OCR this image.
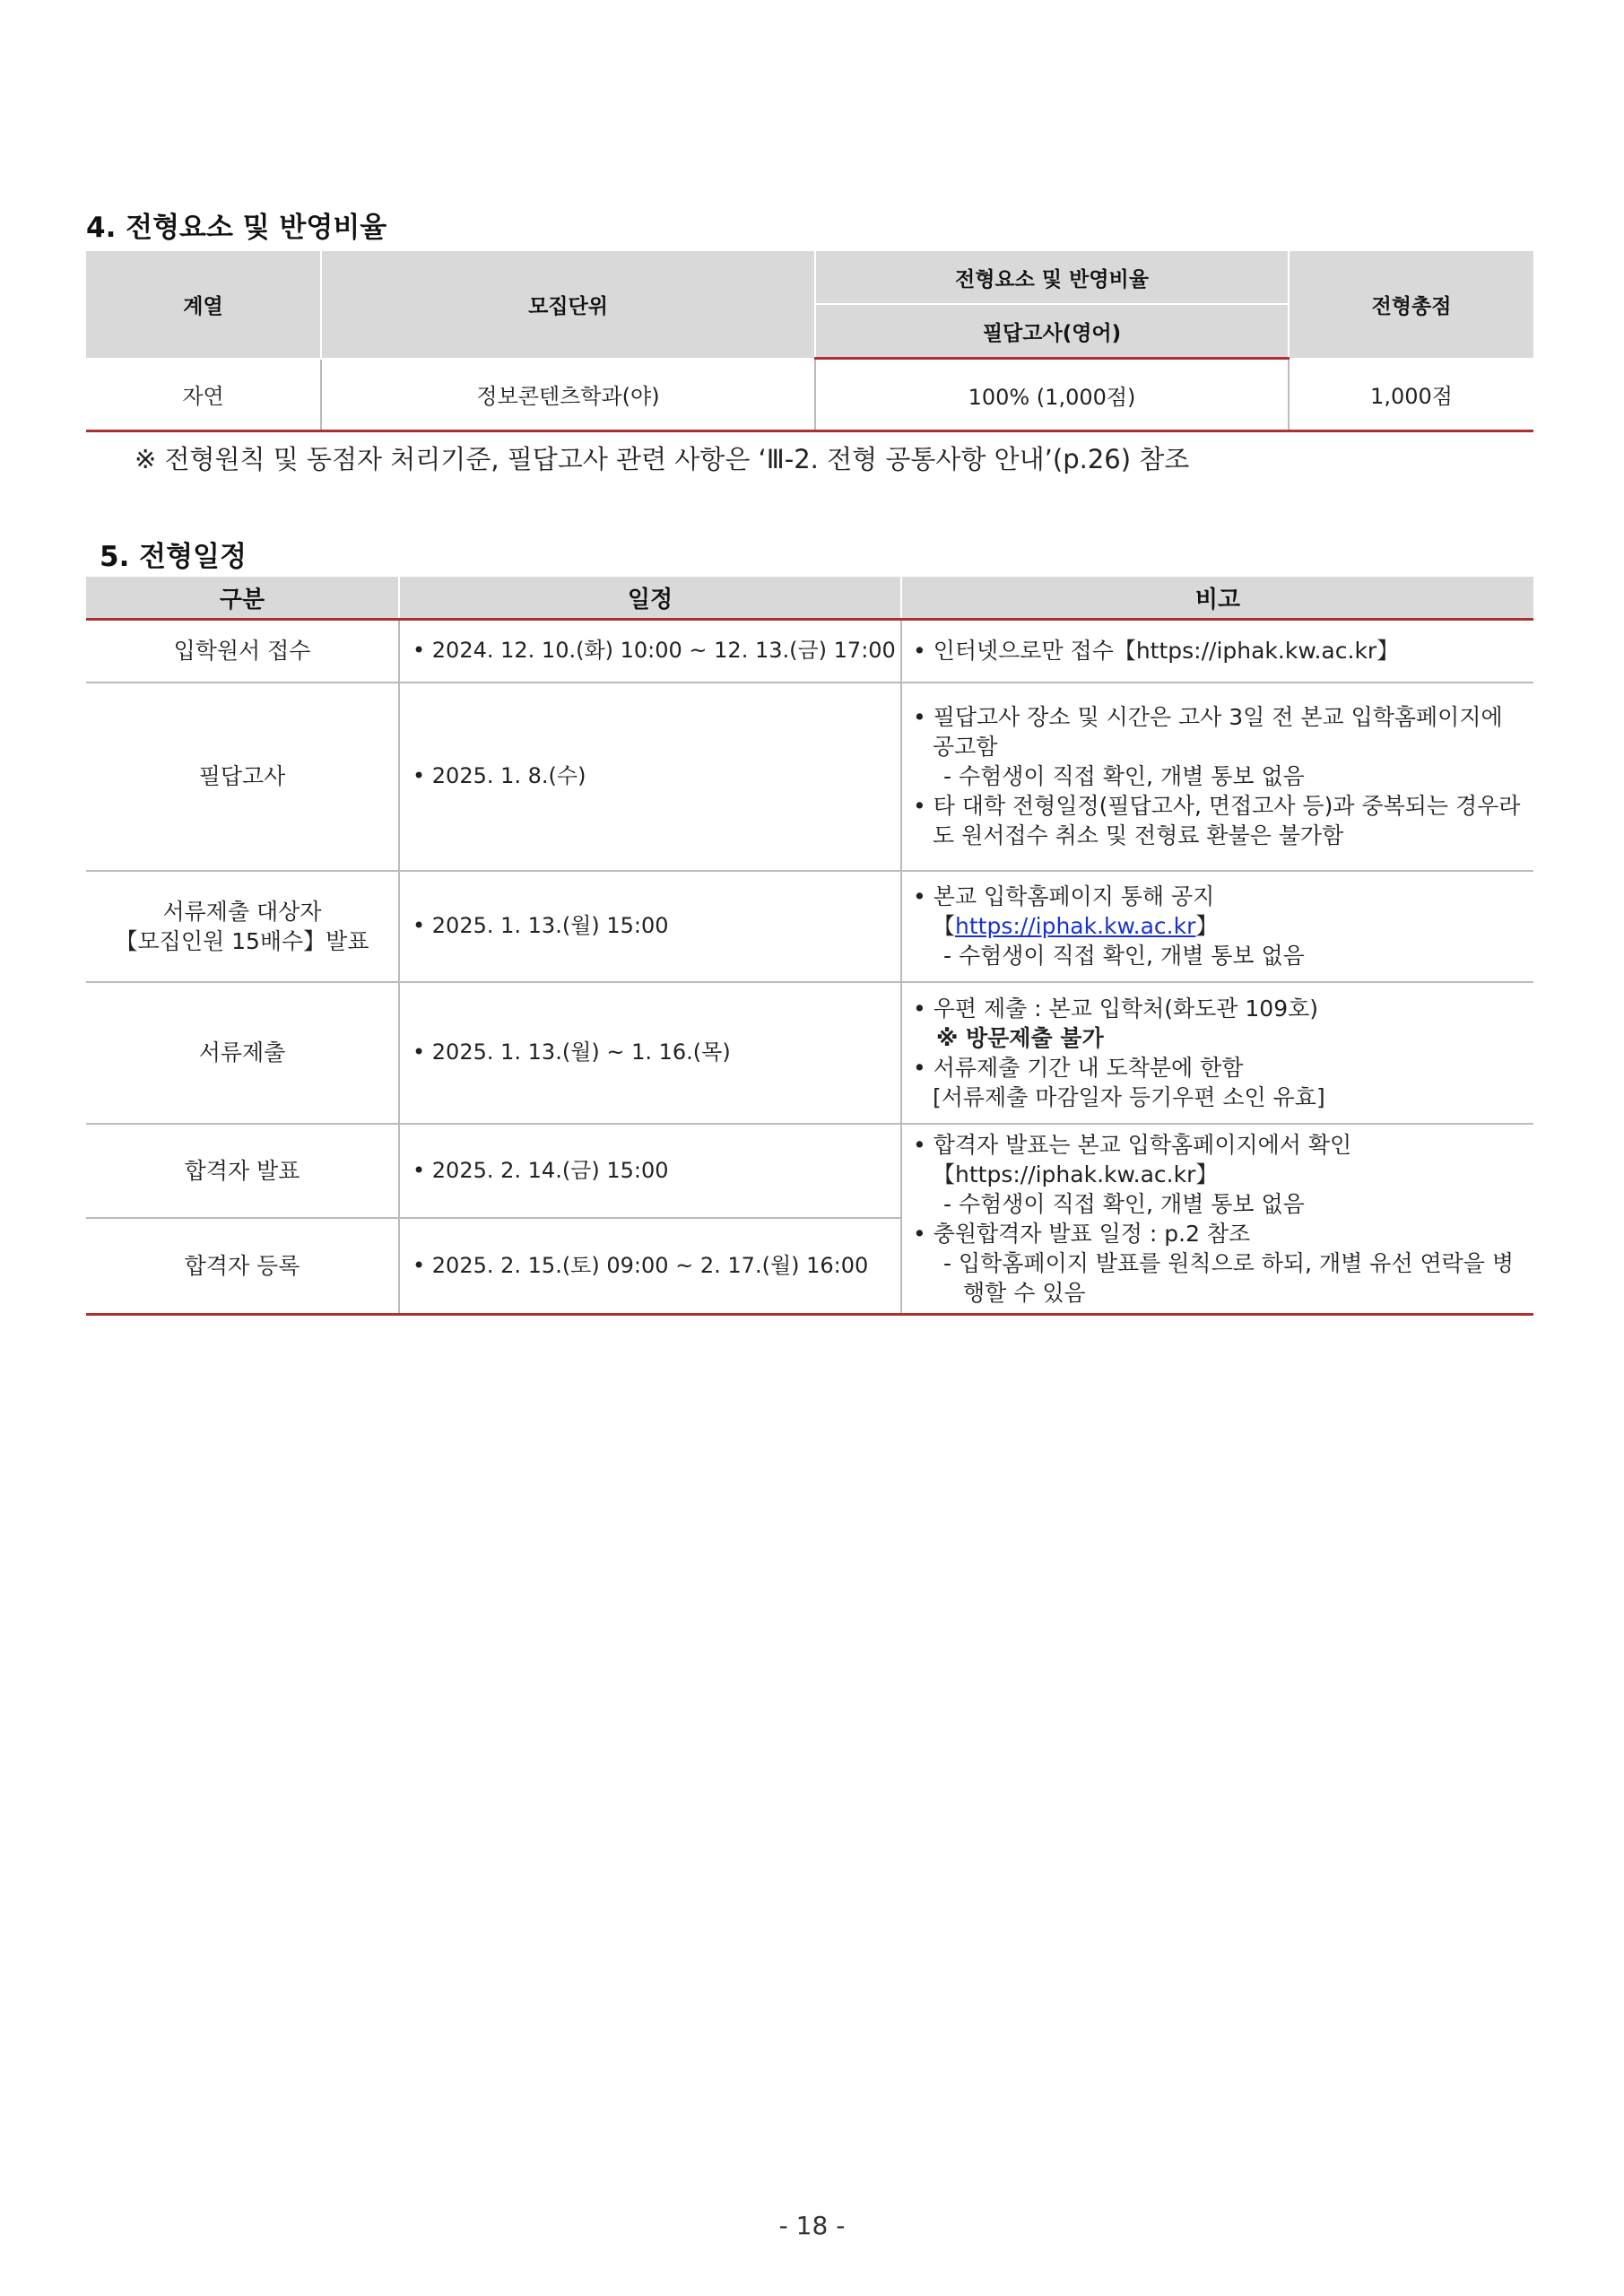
4. 전형요소 및 반영비율
계열	모집단위	전형요소 및 반영비율	전형총점
		필답고사(영어)	
자연	정보콘텐츠학과(야)	100% (1,000점)	1,000점
※ 전형원칙 및 동점자 처리기준, 필답고사 관련 사항은 ‘Ⅲ-2. 전형 공통사항 안내’(p.26) 참조
5. 전형일정
구분	일정	비고
입학원서 접수	• 2024. 12. 10.(화) 10:00 ~ 12. 13.(금) 17:00	• 인터넷으로만 접수【https://iphak.kw.ac.kr】

필답고사	• 2025. 1. 8.(수)	• 필답고사 장소 및 시간은 고사 3일 전 본교 입학홈페이지에 공고함
- 수험생이 직접 확인, 개별 통보 없음
• 타 대학 전형일정(필답고사, 면접고사 등)과 중복되는 경우라도 원서접수 취소 및 전형료 환불은 불가함

서류제출 대상자
【모집인원 15배수】발표	• 2025. 1. 13.(월) 15:00	• 본교 입학홈페이지 통해 공지
【https://iphak.kw.ac.kr】
- 수험생이 직접 확인, 개별 통보 없음

서류제출	• 2025. 1. 13.(월) ~ 1. 16.(목)	• 우편 제출 : 본교 입학처(화도관 109호)
※ 방문제출 불가
• 서류제출 기간 내 도착분에 한함
[서류제출 마감일자 등기우편 소인 유효]

합격자 발표	• 2025. 2. 14.(금) 15:00	• 합격자 발표는 본교 입학홈페이지에서 확인
【https://iphak.kw.ac.kr】
- 수험생이 직접 확인, 개별 통보 없음
• 충원합격자 발표 일정 : p.2 참조
- 입학홈페이지 발표를 원칙으로 하되, 개별 유선 연락을 병행할 수 있음

합격자 등록	• 2025. 2. 15.(토) 09:00 ~ 2. 17.(월) 16:00	
- 18 -
